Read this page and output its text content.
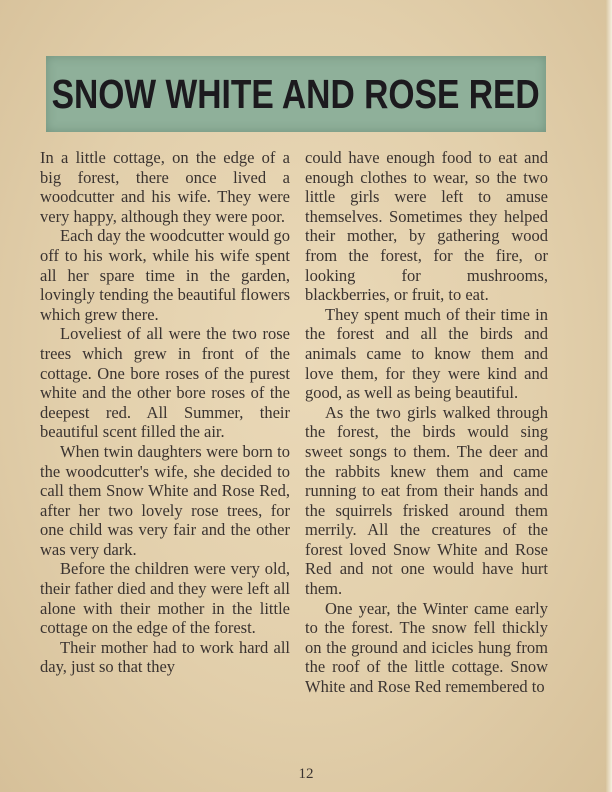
SNOW WHITE AND ROSE RED

In a little cottage, on the edge of a big forest, there once lived a woodcutter and his wife. They were very happy, although they were poor.

Each day the woodcutter would go off to his work, while his wife spent all her spare time in the garden, lovingly tending the beautiful flowers which grew there.

Loveliest of all were the two rose trees which grew in front of the cottage. One bore roses of the purest white and the other bore roses of the deepest red. All Summer, their beautiful scent filled the air.

When twin daughters were born to the woodcutter's wife, she decided to call them Snow White and Rose Red, after her two lovely rose trees, for one child was very fair and the other was very dark.

Before the children were very old, their father died and they were left all alone with their mother in the little cottage on the edge of the forest.

Their mother had to work hard all day, just so that they

could have enough food to eat and enough clothes to wear, so the two little girls were left to amuse themselves. Sometimes they helped their mother, by gathering wood from the forest, for the fire, or looking for mushrooms, blackberries, or fruit, to eat.

They spent much of their time in the forest and all the birds and animals came to know them and love them, for they were kind and good, as well as being beautiful.

As the two girls walked through the forest, the birds would sing sweet songs to them. The deer and the rabbits knew them and came running to eat from their hands and the squirrels frisked around them merrily. All the creatures of the forest loved Snow White and Rose Red and not one would have hurt them.

One year, the Winter came early to the forest. The snow fell thickly on the ground and icicles hung from the roof of the little cottage. Snow White and Rose Red remembered to

12
